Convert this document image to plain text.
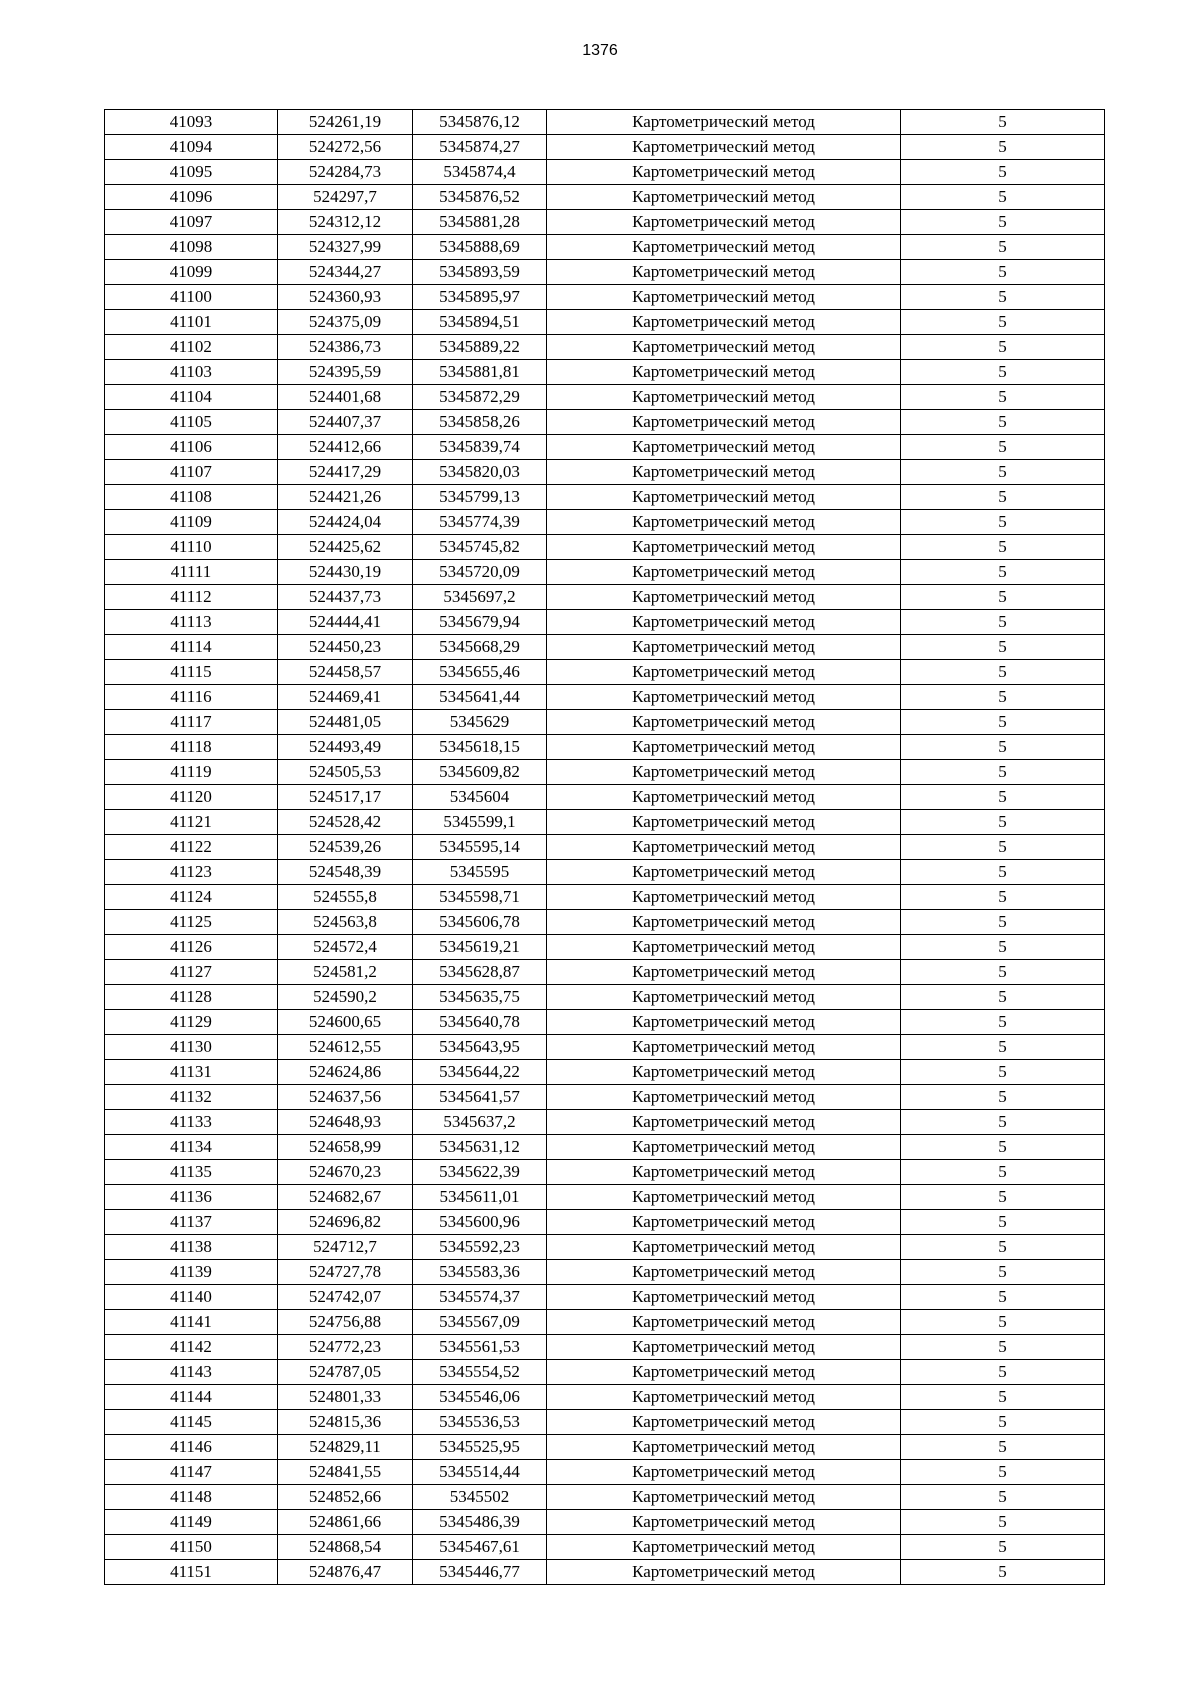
1376
41093	524261,19	5345876,12	Картометрический метод	5
41094	524272,56	5345874,27	Картометрический метод	5
41095	524284,73	5345874,4	Картометрический метод	5
41096	524297,7	5345876,52	Картометрический метод	5
41097	524312,12	5345881,28	Картометрический метод	5
41098	524327,99	5345888,69	Картометрический метод	5
41099	524344,27	5345893,59	Картометрический метод	5
41100	524360,93	5345895,97	Картометрический метод	5
41101	524375,09	5345894,51	Картометрический метод	5
41102	524386,73	5345889,22	Картометрический метод	5
41103	524395,59	5345881,81	Картометрический метод	5
41104	524401,68	5345872,29	Картометрический метод	5
41105	524407,37	5345858,26	Картометрический метод	5
41106	524412,66	5345839,74	Картометрический метод	5
41107	524417,29	5345820,03	Картометрический метод	5
41108	524421,26	5345799,13	Картометрический метод	5
41109	524424,04	5345774,39	Картометрический метод	5
41110	524425,62	5345745,82	Картометрический метод	5
41111	524430,19	5345720,09	Картометрический метод	5
41112	524437,73	5345697,2	Картометрический метод	5
41113	524444,41	5345679,94	Картометрический метод	5
41114	524450,23	5345668,29	Картометрический метод	5
41115	524458,57	5345655,46	Картометрический метод	5
41116	524469,41	5345641,44	Картометрический метод	5
41117	524481,05	5345629	Картометрический метод	5
41118	524493,49	5345618,15	Картометрический метод	5
41119	524505,53	5345609,82	Картометрический метод	5
41120	524517,17	5345604	Картометрический метод	5
41121	524528,42	5345599,1	Картометрический метод	5
41122	524539,26	5345595,14	Картометрический метод	5
41123	524548,39	5345595	Картометрический метод	5
41124	524555,8	5345598,71	Картометрический метод	5
41125	524563,8	5345606,78	Картометрический метод	5
41126	524572,4	5345619,21	Картометрический метод	5
41127	524581,2	5345628,87	Картометрический метод	5
41128	524590,2	5345635,75	Картометрический метод	5
41129	524600,65	5345640,78	Картометрический метод	5
41130	524612,55	5345643,95	Картометрический метод	5
41131	524624,86	5345644,22	Картометрический метод	5
41132	524637,56	5345641,57	Картометрический метод	5
41133	524648,93	5345637,2	Картометрический метод	5
41134	524658,99	5345631,12	Картометрический метод	5
41135	524670,23	5345622,39	Картометрический метод	5
41136	524682,67	5345611,01	Картометрический метод	5
41137	524696,82	5345600,96	Картометрический метод	5
41138	524712,7	5345592,23	Картометрический метод	5
41139	524727,78	5345583,36	Картометрический метод	5
41140	524742,07	5345574,37	Картометрический метод	5
41141	524756,88	5345567,09	Картометрический метод	5
41142	524772,23	5345561,53	Картометрический метод	5
41143	524787,05	5345554,52	Картометрический метод	5
41144	524801,33	5345546,06	Картометрический метод	5
41145	524815,36	5345536,53	Картометрический метод	5
41146	524829,11	5345525,95	Картометрический метод	5
41147	524841,55	5345514,44	Картометрический метод	5
41148	524852,66	5345502	Картометрический метод	5
41149	524861,66	5345486,39	Картометрический метод	5
41150	524868,54	5345467,61	Картометрический метод	5
41151	524876,47	5345446,77	Картометрический метод	5
